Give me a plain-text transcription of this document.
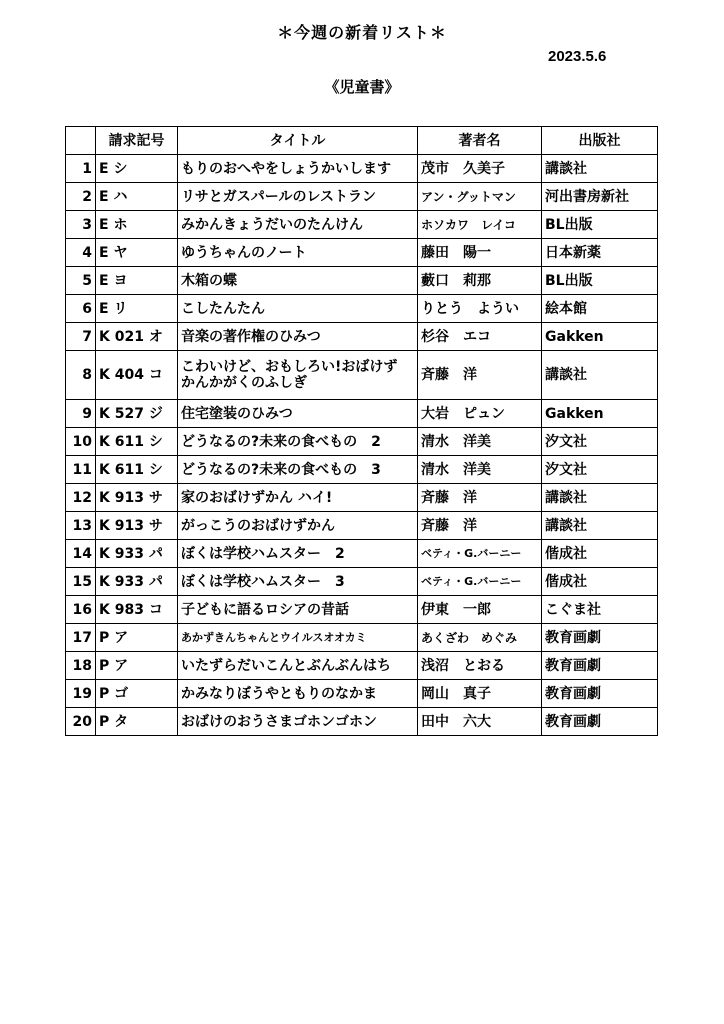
＊今週の新着リスト＊
2023.5.6
《児童書》
	請求記号	タイトル	著者名	出版社
1	E シ	もりのおへやをしょうかいします	茂市　久美子	講談社
2	E ハ	リサとガスパールのレストラン	アン・グットマン	河出書房新社
3	E ホ	みかんきょうだいのたんけん	ホソカワ　レイコ	BL出版
4	E ヤ	ゆうちゃんのノート	藤田　陽一	日本新薬
5	E ヨ	木箱の蝶	藪口　莉那	BL出版
6	E リ	こしたんたん	りとう　ようい	絵本館
7	K 021 オ	音楽の著作権のひみつ	杉谷　エコ	Gakken
8	K 404 コ	こわいけど、おもしろい!おばけず かんかがくのふしぎ	斉藤　洋	講談社
9	K 527 ジ	住宅塗装のひみつ	大岩　ピュン	Gakken
10	K 611 シ	どうなるの?未来の食べもの　2	清水　洋美	汐文社
11	K 611 シ	どうなるの?未来の食べもの　3	清水　洋美	汐文社
12	K 913 サ	家のおばけずかん ハイ!	斉藤　洋	講談社
13	K 913 サ	がっこうのおばけずかん	斉藤　洋	講談社
14	K 933 パ	ぼくは学校ハムスター　2	ベティ・G.バーニー	偕成社
15	K 933 パ	ぼくは学校ハムスター　3	ベティ・G.バーニー	偕成社
16	K 983 コ	子どもに語るロシアの昔話	伊東　一郎	こぐま社
17	P ア	あかずきんちゃんとウイルスオオカミ	あくざわ　めぐみ	教育画劇
18	P ア	いたずらだいこんとぶんぶんはち	浅沼　とおる	教育画劇
19	P ゴ	かみなりぼうやともりのなかま	岡山　真子	教育画劇
20	P タ	おばけのおうさまゴホンゴホン	田中　六大	教育画劇
